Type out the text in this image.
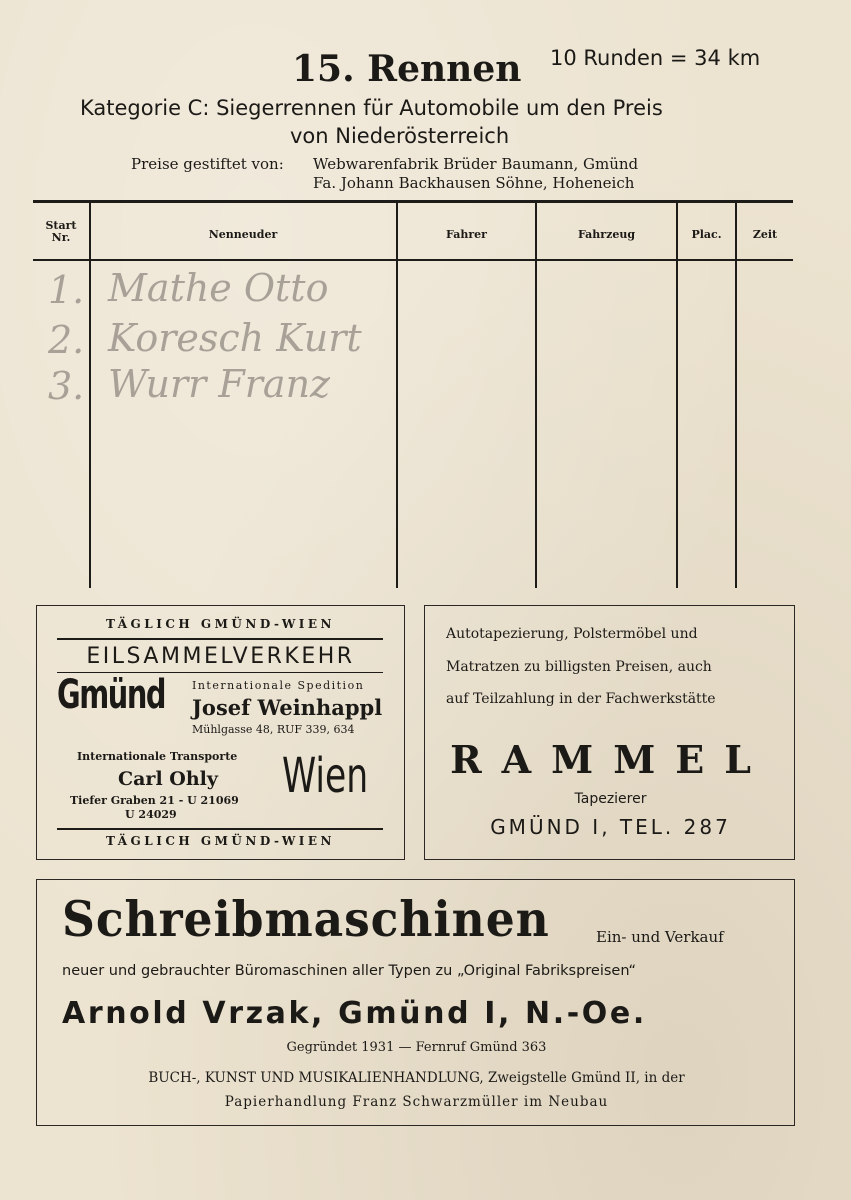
15. Rennen 10 Runden = 34 km
Kategorie C: Siegerrennen für Automobile um den Preis
von Niederösterreich
Preise gestiftet von: Webwarenfabrik Brüder Baumann, Gmünd
Fa. Johann Backhausen Söhne, Hoheneich
Start
Nr.	Nenneuder	Fahrer	Fahrzeug	Plac.	Zeit
1. Mathe Otto
2. Koresch Kurt
3. Wurr Franz
TÄGLICH GMÜND-WIEN
EILSAMMELVERKEHR
Gmünd Internationale Spedition
Josef Weinhappl
Mühlgasse 48, RUF 339, 634
Internationale Transporte
Carl Ohly
Tiefer Graben 21 - U 21069
U 24029
Wien
TÄGLICH GMÜND-WIEN
Autotapezierung, Polstermöbel und
Matratzen zu billigsten Preisen, auch
auf Teilzahlung in der Fachwerkstätte
RAMMEL
Tapezierer
GMÜND I, TEL. 287
Schreibmaschinen	Ein- und Verkauf
neuer und gebrauchter Büromaschinen aller Typen zu „Original Fabrikspreisen“
Arnold Vrzak, Gmünd I, N.-Oe.
Gegründet 1931 — Fernruf Gmünd 363
BUCH-, KUNST UND MUSIKALIENHANDLUNG, Zweigstelle Gmünd II, in der
Papierhandlung Franz Schwarzmüller im Neubau
